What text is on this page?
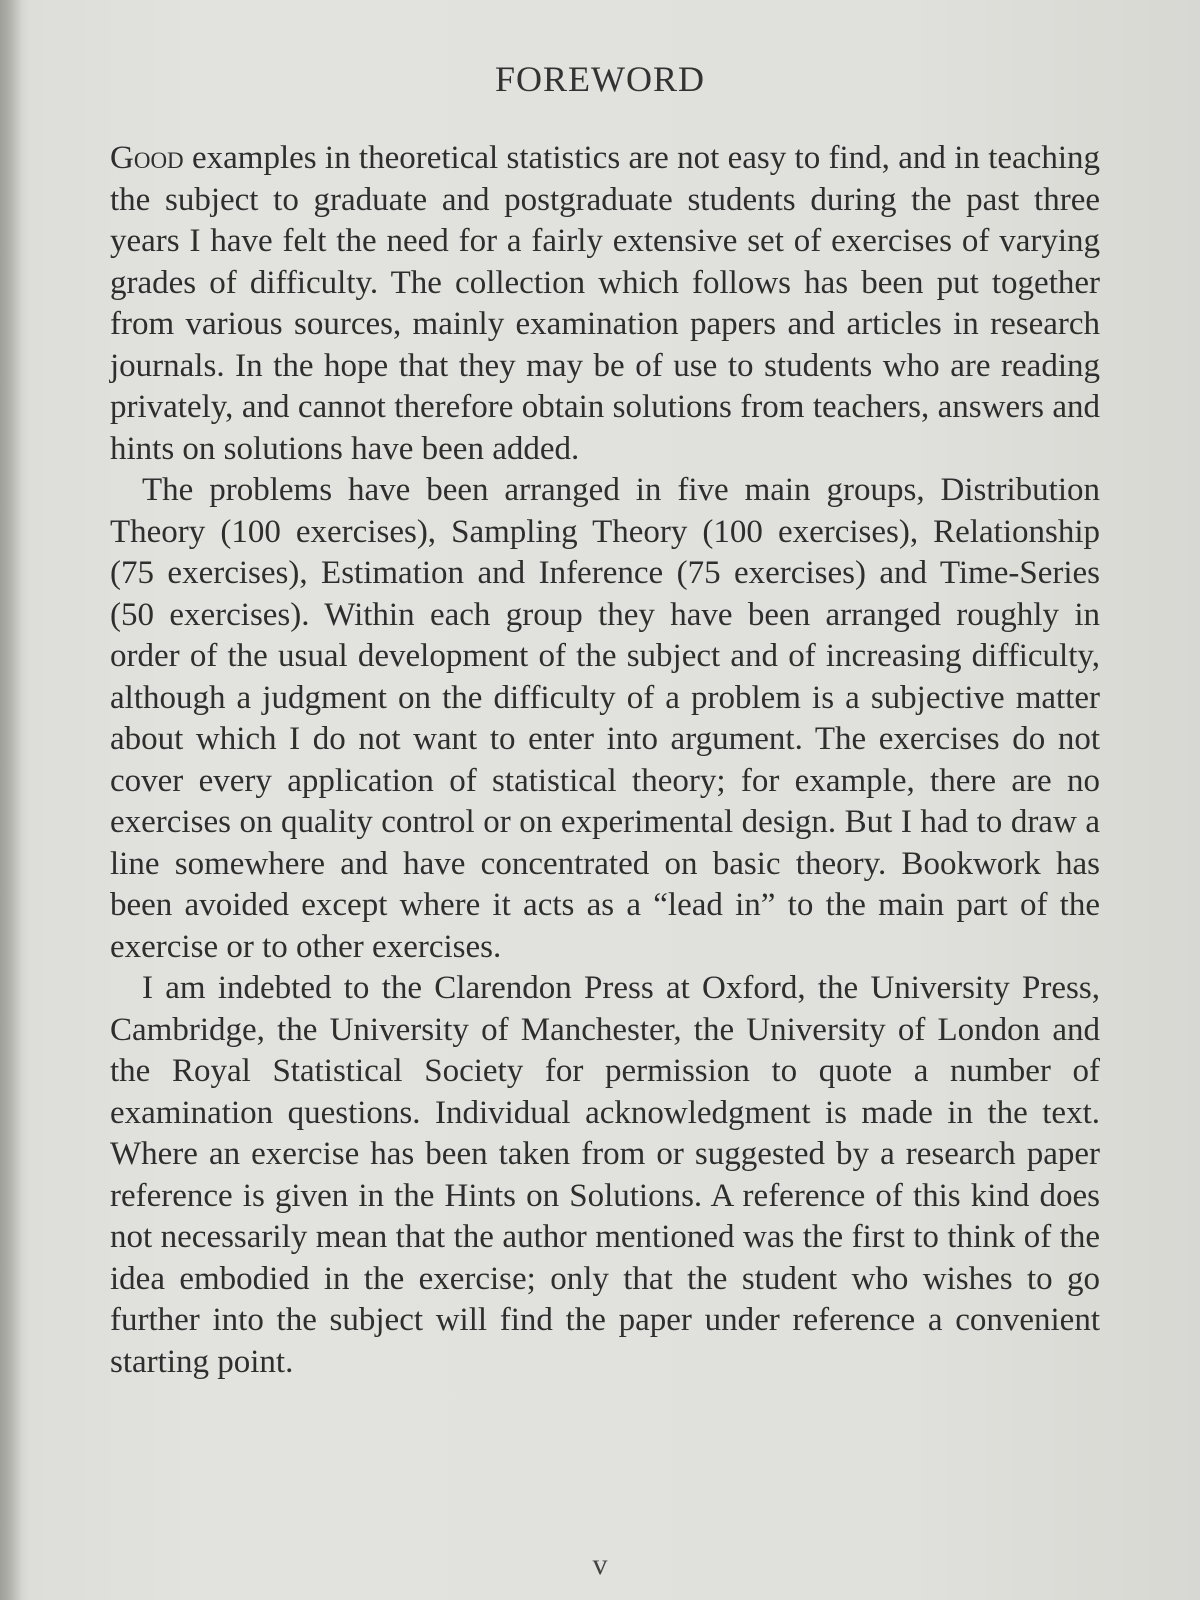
FOREWORD

Good examples in theoretical statistics are not easy to find, and in teaching the subject to graduate and postgraduate students during the past three years I have felt the need for a fairly extensive set of exercises of varying grades of difficulty. The collection which follows has been put together from various sources, mainly examination papers and articles in research journals. In the hope that they may be of use to students who are reading privately, and cannot therefore obtain solutions from teachers, answers and hints on solutions have been added.

The problems have been arranged in five main groups, Distribution Theory (100 exercises), Sampling Theory (100 exercises), Relationship (75 exercises), Estimation and Inference (75 exercises) and Time-Series (50 exercises). Within each group they have been arranged roughly in order of the usual development of the subject and of increasing difficulty, although a judgment on the difficulty of a problem is a subjective matter about which I do not want to enter into argument. The exercises do not cover every application of statistical theory; for example, there are no exercises on quality control or on experimental design. But I had to draw a line somewhere and have concentrated on basic theory. Bookwork has been avoided except where it acts as a “lead in” to the main part of the exercise or to other exercises.

I am indebted to the Clarendon Press at Oxford, the University Press, Cambridge, the University of Manchester, the University of London and the Royal Statistical Society for permission to quote a number of examination questions. Individual acknowledgment is made in the text. Where an exercise has been taken from or suggested by a research paper reference is given in the Hints on Solutions. A reference of this kind does not necessarily mean that the author mentioned was the first to think of the idea embodied in the exercise; only that the student who wishes to go further into the subject will find the paper under reference a convenient starting point.

v
